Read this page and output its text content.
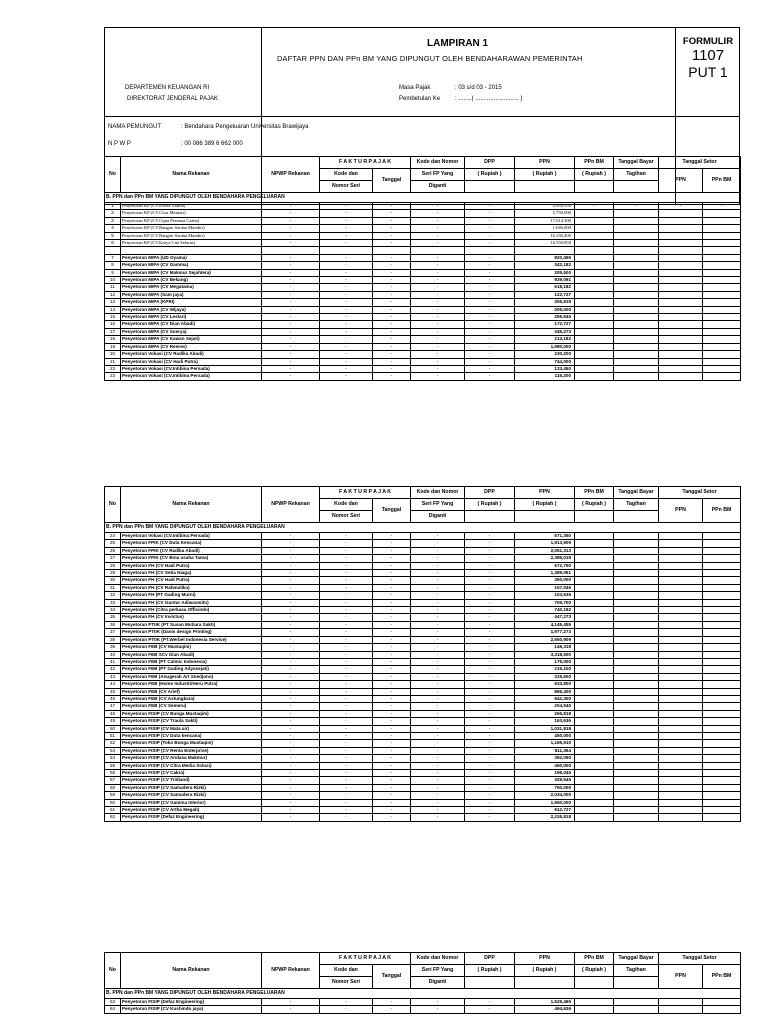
LAMPIRAN 1
DAFTAR PPN DAN PPn BM YANG DIPUNGUT OLEH BENDAHARAWAN PEMERINTAH
FORMULIR
1107
PUT 1
DEPARTEMEN KEUANGAN RI
DIREKTORAT JENDERAL PAJAK
Masa Pajak	: 03 s/d 03 - 2015
Pembetulan Ke : ........( .......................... )
NAMA PEMUNGUT	: Bendahara Pengeluaran Universitas Brawijaya
N P W P	: 00 086 389 6 662 000
No	Nama Rekanan	NPWP Rekanan	F A K T U R P A J A K		Kode dan Nomor	DPP	PPN	PPn BM	Tanggal Bayar	Tanggal Setor	
			Kode dan	Tanggal	Seri FP Yang	( Rupiah )	( Rupiah )	( Rupiah )	Tagihan	PPN	PPn BM
			Nomor Seri		Diganti						
B. PPN dan PPn BM YANG DIPUNGUT OLEH BENDAHARA PENGELUARAN											
1	Penyetoran KP (CV.Krista Utama)	-	-	-	-	-	2,954,550	-	-	-	-
2	Penyetoran KP (CV.Citra Mentari)	-	-	-	-	-	5,750,000				
3	Penyetoran KP (CV.Cipta Permata Graha)	-	-	-	-	-	17,014,300				
4	Penyetoran KP (CV.Bangun Sarana Mandiri)	-	-	-	-	-	1,046,000				
5	Penyetoran KP (CV.Bangun Sarana Mandiri)	-	-	-	-	-	16,330,400				
6	Penyetoran KP (CV.Karya Cita Selaras)	-	-	-	-	-	16,550,850				

7	Penyetoran MIPA (UD Oyama)	-	-	-	-	-	820,455				
8	Penyetoran MIPA (CV Gamma)	-	-	-	-	-	342,182				
9	Penyetoran MIPA (CV Makmur Sejahtera)	-	-	-	-	-	205,500				
10	Penyetoran MIPA (CV Bekang)	-	-	-	-	-	939,091				
11	Penyetoran MIPA (CV Megatama)	-	-	-	-	-	618,182				
12	Penyetoran MIPA (Sam jaya)	-	-	-	-	-	122,727				
13	Penyetoran MIPA (KPRI)	-	-	-	-	-	306,818				
14	Penyetoran MIPA (CV Wijaya)	-	-	-	-	-	205,000				
15	Penyetoran MIPA (CV Lestari)	-	-	-	-	-	259,545				
16	Penyetoran MIPA (CV Dian Abadi)	-	-	-	-	-	172,727				
17	Penyetoran MIPA (CV Soerya)	-	-	-	-	-	345,273				
18	Penyetoran MIPA (CV Kawan Sejati)	-	-	-	-	-	213,182				
19	Penyetoran MIPA (CV Renrev)	-	-	-	-	-	1,980,000				
20	Penyetoran Vokasi (CV Radika Abadi)	-	-	-	-	-	230,200				
21	Penyetoran Vokasi (CV Hadi Putra)	-	-	-	-	-	744,000				
22	Penyetoran Vokasi (CV.Intibina Persada)	-	-	-	-	-	133,450				
23	Penyetoran Vokasi (CV.Intibina Persada)	-	-	-	-	-	116,200				
No	Nama Rekanan	NPWP Rekanan	F A K T U R P A J A K		Kode dan Nomor	DPP	PPN	PPn BM	Tanggal Bayar	Tanggal Setor	
			Kode dan	Tanggal	Seri FP Yang	( Rupiah )	( Rupiah )	( Rupiah )	Tagihan	PPN	PPn BM
			Nomor Seri		Diganti						
B. PPN dan PPn BM YANG DIPUNGUT OLEH BENDAHARA PENGELUARAN											
24	Penyetoran Vokasi (CV.Intibina Persada)	-	-	-	-	-	571,350				
25	Penyetoran FPIK (CV Duta Kencana)	-	-	-	-	-	1,913,909				
26	Penyetoran FPIK (CV Radika Abadi)	-	-	-	-	-	2,051,313				
27	Penyetoran FPIK (CV Bina usaha Tama)	-	-	-	-	-	2,385,018				
28	Penyetoran FH (CV Hadi Putra)	-	-	-	-	-	672,750				
29	Penyetoran FH (CV Setia Niaga)	-	-	-	-	-	1,389,091				
30	Penyetoran FH (CV Hadi Putra)	-	-	-	-	-	350,000				
31	Penyetoran FH (CV Rahmatika)	-	-	-	-	-	157,045				
32	Penyetoran FH (PT Gading Murni)	-	-	-	-	-	103,636				
33	Penyetoran FH (CV Guntur Adiwasmito)	-	-	-	-	-	709,700				
34	Penyetoran FH (Citra perkasa Officindo)	-	-	-	-	-	740,182				
35	Penyetoran FH (CV Invictus)	-	-	-	-	-	447,273				
36	Penyetoran PTIIK (PT Susan Mutiara Sakti)	-	-	-	-	-	4,145,455				
37	Penyetoran PTIIK (Danis design Printing)	-	-	-	-	-	1,977,273				
38	Penyetoran PTIIK (PT.Werbel Indonesia Service)	-	-	-	-	-	2,550,909				
39	Penyetoran FEB (CV Mustaqim)	-	-	-	-	-	149,318				
40	Penyetoran FEB SCv Dian Abadi)	-	-	-	-	-	3,318,500				
41	Penyetoran FEB (PT Calmic Indonesia)	-	-	-	-	-	175,000				
42	Penyetoran FEB (PT Gading Adyasejati)	-	-	-	-	-	215,100				
43	Penyetoran FEB (Anugerah Art Soedjono)	-	-	-	-	-	315,600				
44	Penyetoran FEB (Home Industri/Heru Putra)	-	-	-	-	-	933,800				
45	Penyetoran FEB (CV Arief)	-	-	-	-	-	866,400				
46	Penyetoran FEB (CV Astungkara)	-	-	-	-	-	942,300				
47	Penyetoran FEB (CV Semeru)	-	-	-	-	-	204,545				
48	Penyetoran FISIP (CV Bunga Mustaqim)	-	-	-	-	-	265,818				
49	Penyetoran FISIP (CV Traula Sakti)	-	-	-	-	-	163,636				
50	Penyetoran FISIP (CV Mata air)	-	-	-	-	-	1,031,818				
51	Penyetoran FISIP (CV Duta kencana)	-	-	-	-	-	450,000				
52	Penyetoran FISIP (Toko Bunga Mustaqim)	-	-	-	-	-	1,165,910				
53	Penyetoran FISIP (CV Renta Enterprise)	-	-	-	-	-	811,364				
54	Penyetoran FISIP (CV Andasa Makmur)	-	-	-	-	-	392,090				
55	Penyetoran FISIP (CV Citra Media Solusi)	-	-	-	-	-	450,000				
56	Penyetoran FISIP (CV Cakra)	-	-	-	-	-	196,045				
57	Penyetoran FISIP (CV Tridiand)	-	-	-	-	-	329,545				
58	Penyetoran FISIP (CV Samudera Rizki)	-	-	-	-	-	750,000				
59	Penyetoran FISIP (CV Samudera Rizki)	-	-	-	-	-	2,034,000				
60	Penyetoran FISIP (CV Gamma Interior)	-	-	-	-	-	1,950,000				
61	Penyetoran FISIP (CV Artha Megah)	-	-	-	-	-	612,727				
62	Penyetoran FISIP (Defaz Engineering)	-	-	-	-	-	2,226,818				
No	Nama Rekanan	NPWP Rekanan	F A K T U R P A J A K		Kode dan Nomor	DPP	PPN	PPn BM	Tanggal Bayar	Tanggal Setor	
			Kode dan	Tanggal	Seri FP Yang	( Rupiah )	( Rupiah )	( Rupiah )	Tagihan	PPN	PPn BM
			Nomor Seri		Diganti						
B. PPN dan PPn BM YANG DIPUNGUT OLEH BENDAHARA PENGELUARAN											
63	Penyetoran FISIP (Defaz Engineering)	-	-	-	-	-	1,525,465				
64	Penyetoran FISIP (CV Kushindo jaya)	-	-	-	-	-	494,636				
